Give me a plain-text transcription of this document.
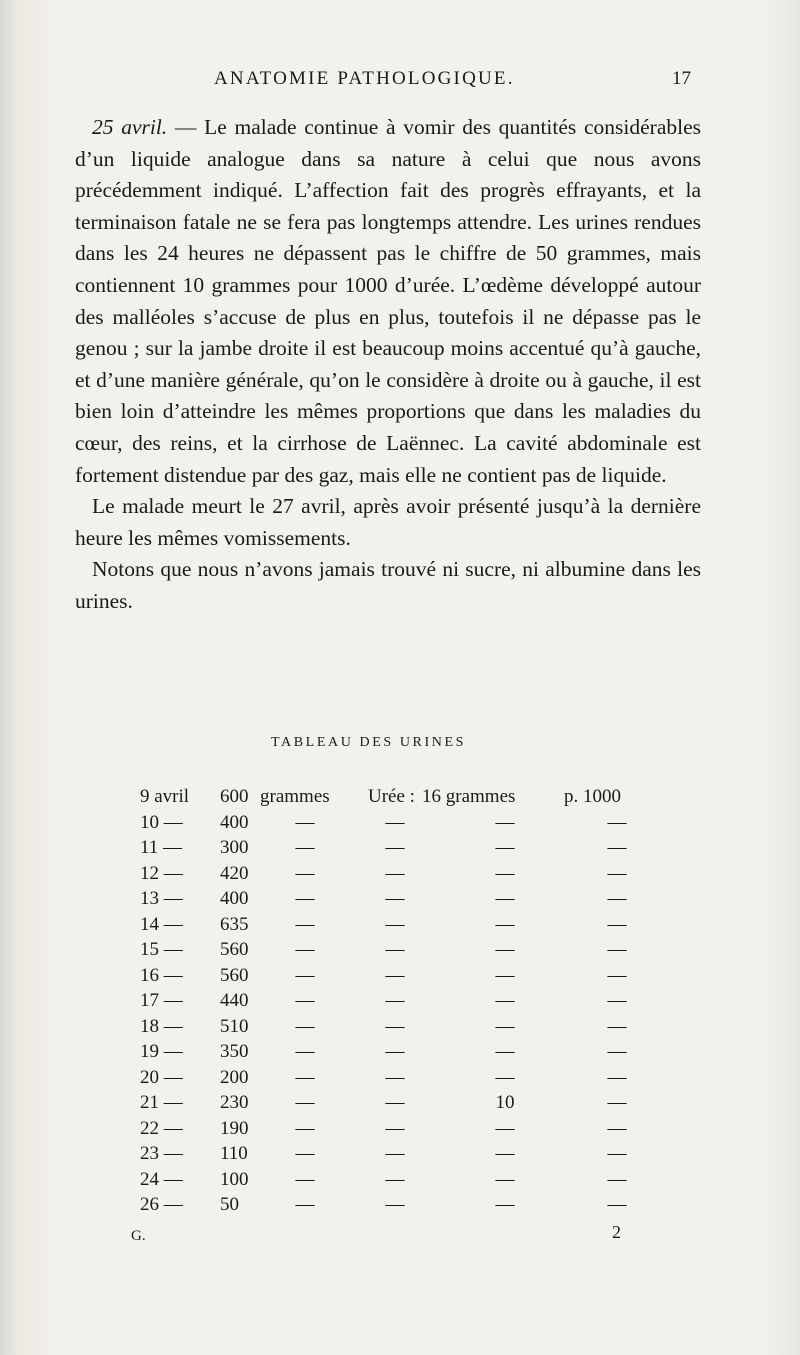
ANATOMIE PATHOLOGIQUE.	17

25 avril. — Le malade continue à vomir des quantités considérables d’un liquide analogue dans sa nature à celui que nous avons précédemment indiqué. L’affection fait des progrès effrayants, et la terminaison fatale ne se fera pas longtemps attendre. Les urines rendues dans les 24 heures ne dépassent pas le chiffre de 50 grammes, mais contiennent 10 grammes pour 1000 d’urée. L’œdème développé autour des malléoles s’accuse de plus en plus, toutefois il ne dépasse pas le genou ; sur la jambe droite il est beaucoup moins accentué qu’à gauche, et d’une manière générale, qu’on le considère à droite ou à gauche, il est bien loin d’atteindre les mêmes proportions que dans les maladies du cœur, des reins, et la cirrhose de Laënnec. La cavité abdominale est fortement distendue par des gaz, mais elle ne contient pas de liquide.

Le malade meurt le 27 avril, après avoir présenté jusqu’à la dernière heure les mêmes vomissements.

Notons que nous n’avons jamais trouvé ni sucre, ni albumine dans les urines.

TABLEAU DES URINES
9 avril	600 grammes	Urée : 16 grammes	p. 1000
10 —	400	—	—	—	—
11 —	300	—	—	—	—
12 —	420	—	—	—	—
13 —	400	—	—	—	—
14 —	635	—	—	—	—
15 —	560	—	—	—	—
16 —	560	—	—	—	—
17 —	440	—	—	—	—
18 —	510	—	—	—	—
19 —	350	—	—	—	—
20 —	200	—	—	—	—
21 —	230	—	—	10	—
22 —	190	—	—	—	—
23 —	110	—	—	—	—
24 —	100	—	—	—	—
26 —	50	—	—	—	—
G.	2
